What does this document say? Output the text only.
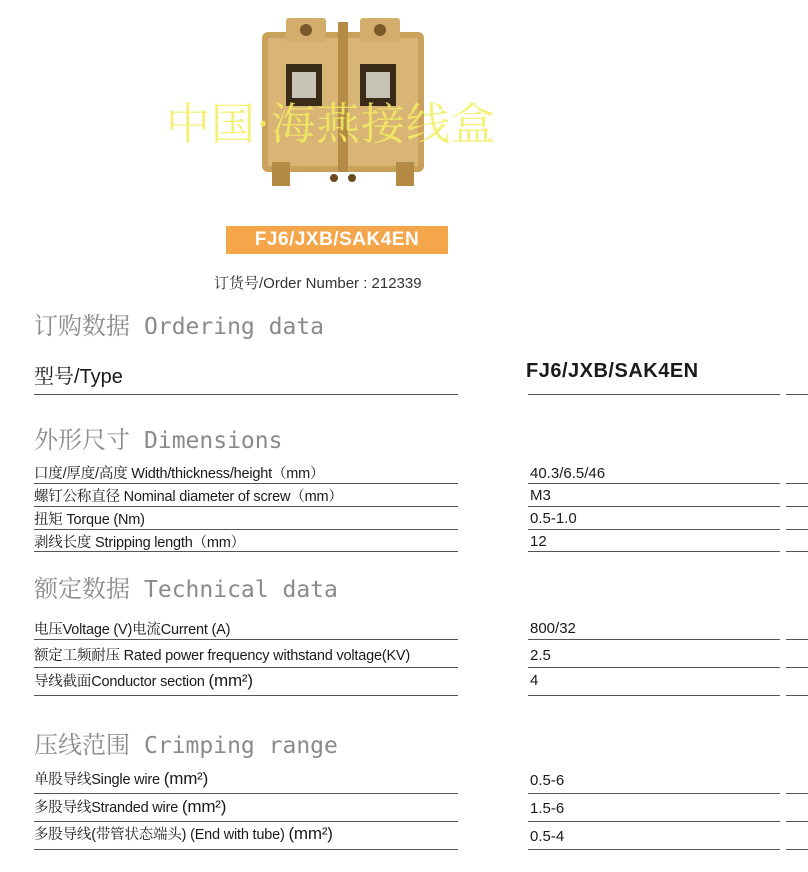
中国·海燕接线盒
FJ6/JXB/SAK4EN
订货号/Order Number : 212339
订购数据 Ordering data
型号/Type	FJ6/JXB/SAK4EN
外形尺寸 Dimensions
口度/厚度/高度 Width/thickness/height（mm）	40.3/6.5/46
螺钉公称直径 Nominal diameter of screw（mm）	M3
扭矩 Torque (Nm)	0.5-1.0
剥线长度 Stripping length（mm）	12
额定数据 Technical data
电压Voltage (V)电流Current (A)	800/32
额定工频耐压 Rated power frequency withstand voltage(KV)	2.5
导线截面Conductor section (mm²)	4
压线范围 Crimping range
单股导线Single wire (mm²)	0.5-6
多股导线Stranded wire (mm²)	1.5-6
多股导线(带管状态端头) (End with tube) (mm²)	0.5-4
